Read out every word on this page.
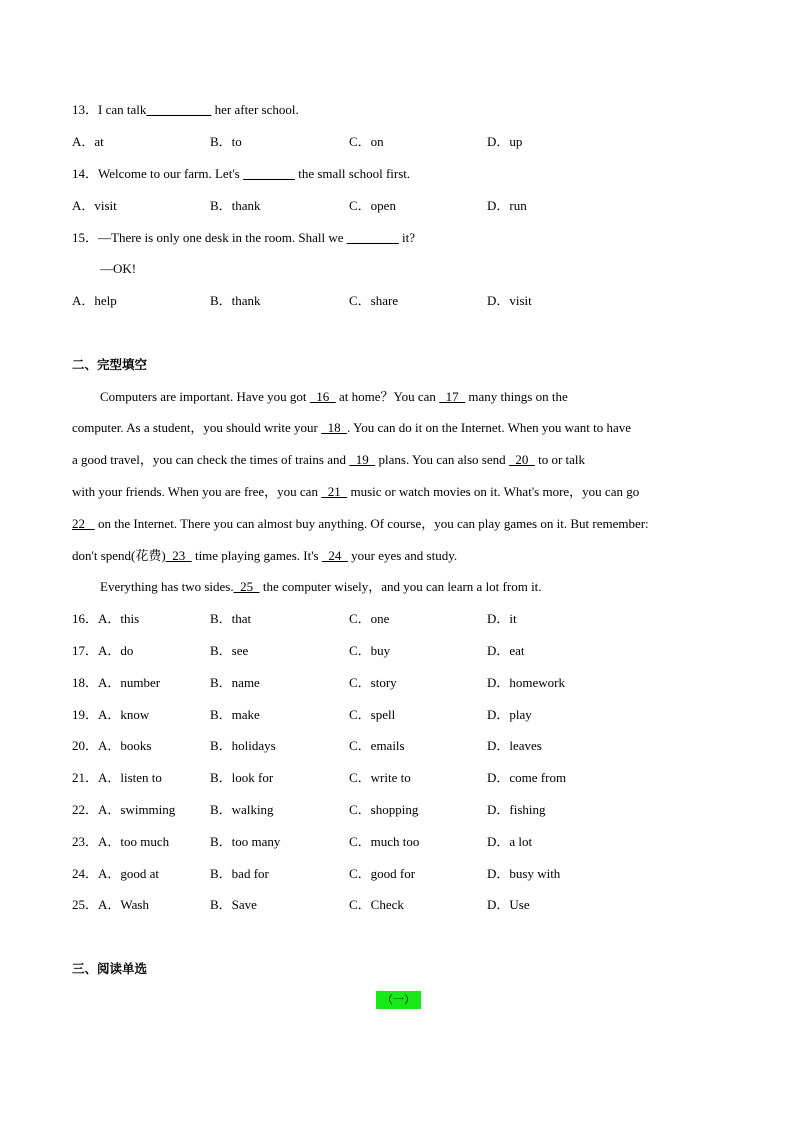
13．I can talk__________ her after school.
A．at	B．to	C．on	D．up
14．Welcome to our farm. Let's ________ the small school first.
A．visit	B．thank	C．open	D．run
15．—There is only one desk in the room. Shall we ________ it?
—OK!
A．help	B．thank	C．share	D．visit
二、完型填空
Computers are important. Have you got   16   at home？You can   17   many things on the
computer. As a student，you should write your   18  . You can do it on the Internet. When you want to have
a good travel，you can check the times of trains and   19   plans. You can also send   20   to or talk
with your friends. When you are free，you can   21   music or watch movies on it. What's more，you can go
22    on the Internet. There you can almost buy anything. Of course，you can play games on it. But remember:
don't spend(花费)  23   time playing games. It's   24   your eyes and study.
Everything has two sides.  25   the computer wisely，and you can learn a lot from it.
16．A．this	B．that	C．one	D．it
17．A．do	B．see	C．buy	D．eat
18．A．number	B．name	C．story	D．homework
19．A．know	B．make	C．spell	D．play
20．A．books	B．holidays	C．emails	D．leaves
21．A．listen to	B．look for	C．write to	D．come from
22．A．swimming	B．walking	C．shopping	D．fishing
23．A．too much	B．too many	C．much too	D．a lot
24．A．good at	B．bad for	C．good for	D．busy with
25．A．Wash	B．Save	C．Check	D．Use
三、阅读单选
（一）
